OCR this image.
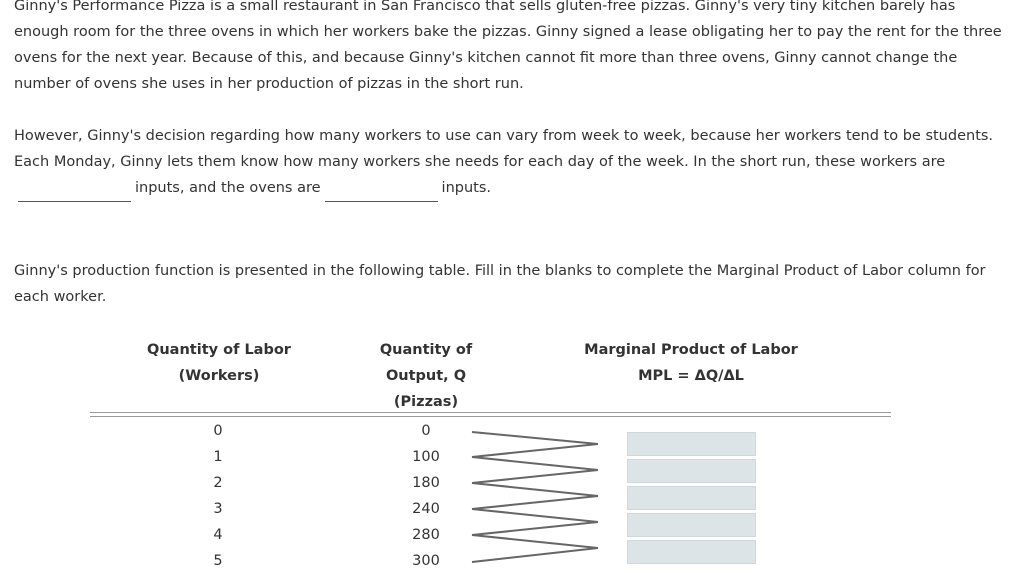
Ginny's Performance Pizza is a small restaurant in San Francisco that sells gluten-free pizzas. Ginny's very tiny kitchen barely has enough room for the three ovens in which her workers bake the pizzas. Ginny signed a lease obligating her to pay the rent for the three ovens for the next year. Because of this, and because Ginny's kitchen cannot fit more than three ovens, Ginny cannot change the number of ovens she uses in her production of pizzas in the short run.

However, Ginny's decision regarding how many workers to use can vary from week to week, because her workers tend to be students. Each Monday, Ginny lets them know how many workers she needs for each day of the week. In the short run, these workers areinputs, and the ovens are	inputs.

Ginny's production function is presented in the following table. Fill in the blanks to complete the Marginal Product of Labor column for each worker.

Quantity of Labor
(Workers)
Quantity of
Output, Q
(Pizzas)
Marginal Product of Labor
MPL = ΔQ/ΔL
0
1
2
3
4
5
0
100
180
240
280
300
